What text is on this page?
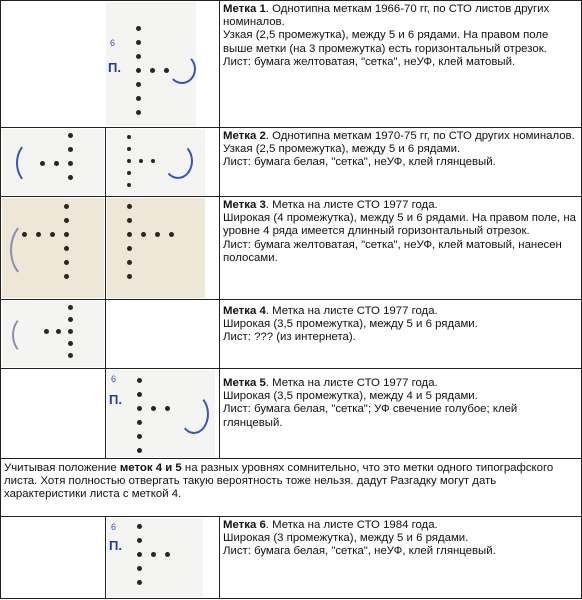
6
П.
6
П.
6
П.

Метка 1. Однотипна меткам 1966-70 гг, по СТО листов других номиналов.

Узкая (2,5 промежутка), между 5 и 6 рядами. На правом поле выше метки (на 3 промежутка) есть горизонтальный отрезок.

Лист: бумага желтоватая, "сетка", неУФ, клей матовый.

Метка 2. Однотипна меткам 1970-75 гг, по СТО других номиналов.

Узкая (2,5 промежутка), между 5 и 6 рядами.

Лист: бумага белая, "сетка", неУФ, клей глянцевый.

Метка 3. Метка на листе СТО 1977 года.

Широкая (4 промежутка), между 5 и 6 рядами. На правом поле, на уровне 4 ряда имеется длинный горизонтальный отрезок.

Лист: бумага желтоватая, "сетка", неУФ, клей матовый, нанесен полосами.

Метка 4. Метка на листе СТО 1977 года.

Широкая (3,5 промежутка), между 5 и 6 рядами.

Лист: ??? (из интернета).

Метка 5. Метка на листе СТО 1977 года.

Широкая (3,5 промежутка), между 4 и 5 рядами.

Лист: бумага белая, "сетка"; УФ свечение голубое; клей глянцевый.

Учитывая положение меток 4 и 5 на разных уровнях сомнительно, что это метки одного типографского листа. Хотя полностью отвергать такую вероятность тоже нельзя. дадут Разгадку могут дать характеристики листа с меткой 4.

Метка 6. Метка на листе СТО 1984 года.

Широкая (3 промежутка), между 5 и 6 рядами.

Лист: бумага белая, "сетка", неУФ, клей глянцевый.
